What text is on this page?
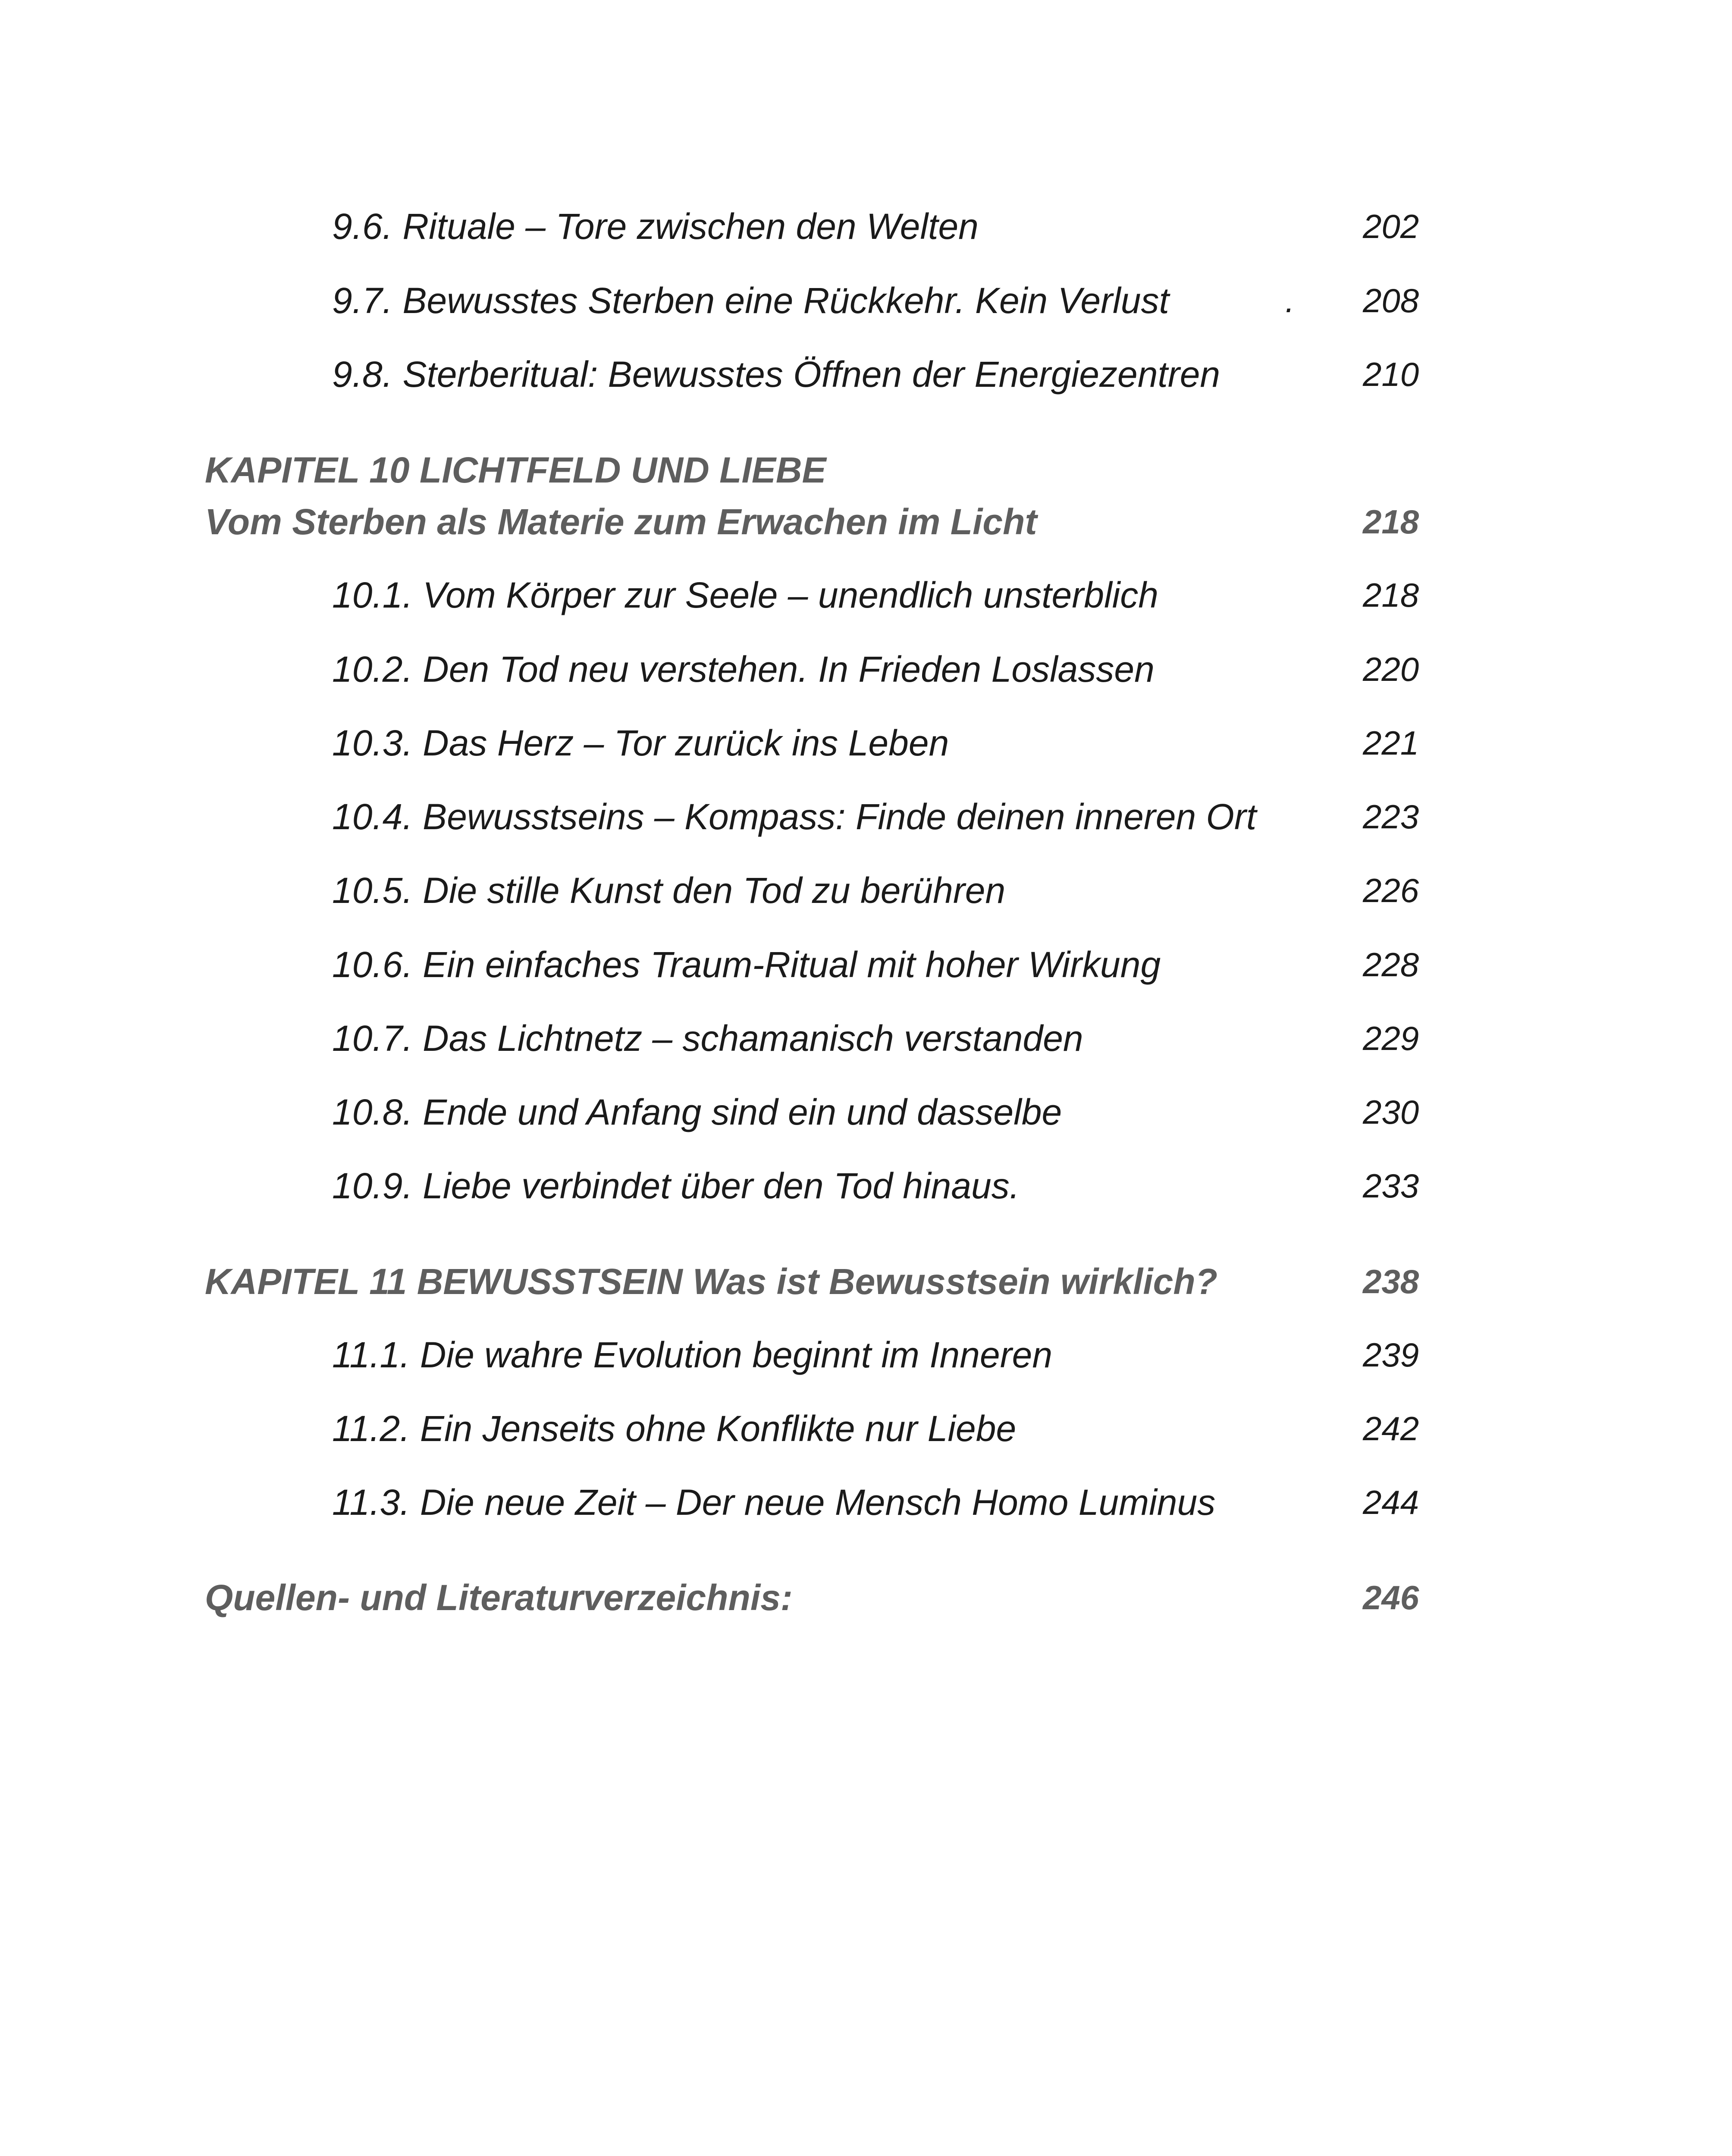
9.6. Rituale – Tore zwischen den Welten	202
9.7. Bewusstes Sterben eine Rückkehr. Kein Verlust	. 208
9.8. Sterberitual: Bewusstes Öffnen der Energiezentren	210
KAPITEL 10 LICHTFELD UND LIEBE
Vom Sterben als Materie zum Erwachen im Licht	218
10.1. Vom Körper zur Seele – unendlich unsterblich	218
10.2. Den Tod neu verstehen. In Frieden Loslassen	220
10.3. Das Herz – Tor zurück ins Leben	221
10.4. Bewusstseins – Kompass: Finde deinen inneren Ort	223
10.5. Die stille Kunst den Tod zu berühren	226
10.6. Ein einfaches Traum-Ritual mit hoher Wirkung	228
10.7. Das Lichtnetz – schamanisch verstanden	229
10.8. Ende und Anfang sind ein und dasselbe	230
10.9. Liebe verbindet über den Tod hinaus.	233
KAPITEL 11 BEWUSSTSEIN Was ist Bewusstsein wirklich?	238
11.1. Die wahre Evolution beginnt im Inneren	239
11.2. Ein Jenseits ohne Konflikte nur Liebe	242
11.3. Die neue Zeit – Der neue Mensch Homo Luminus	244
Quellen- und Literaturverzeichnis:	246
